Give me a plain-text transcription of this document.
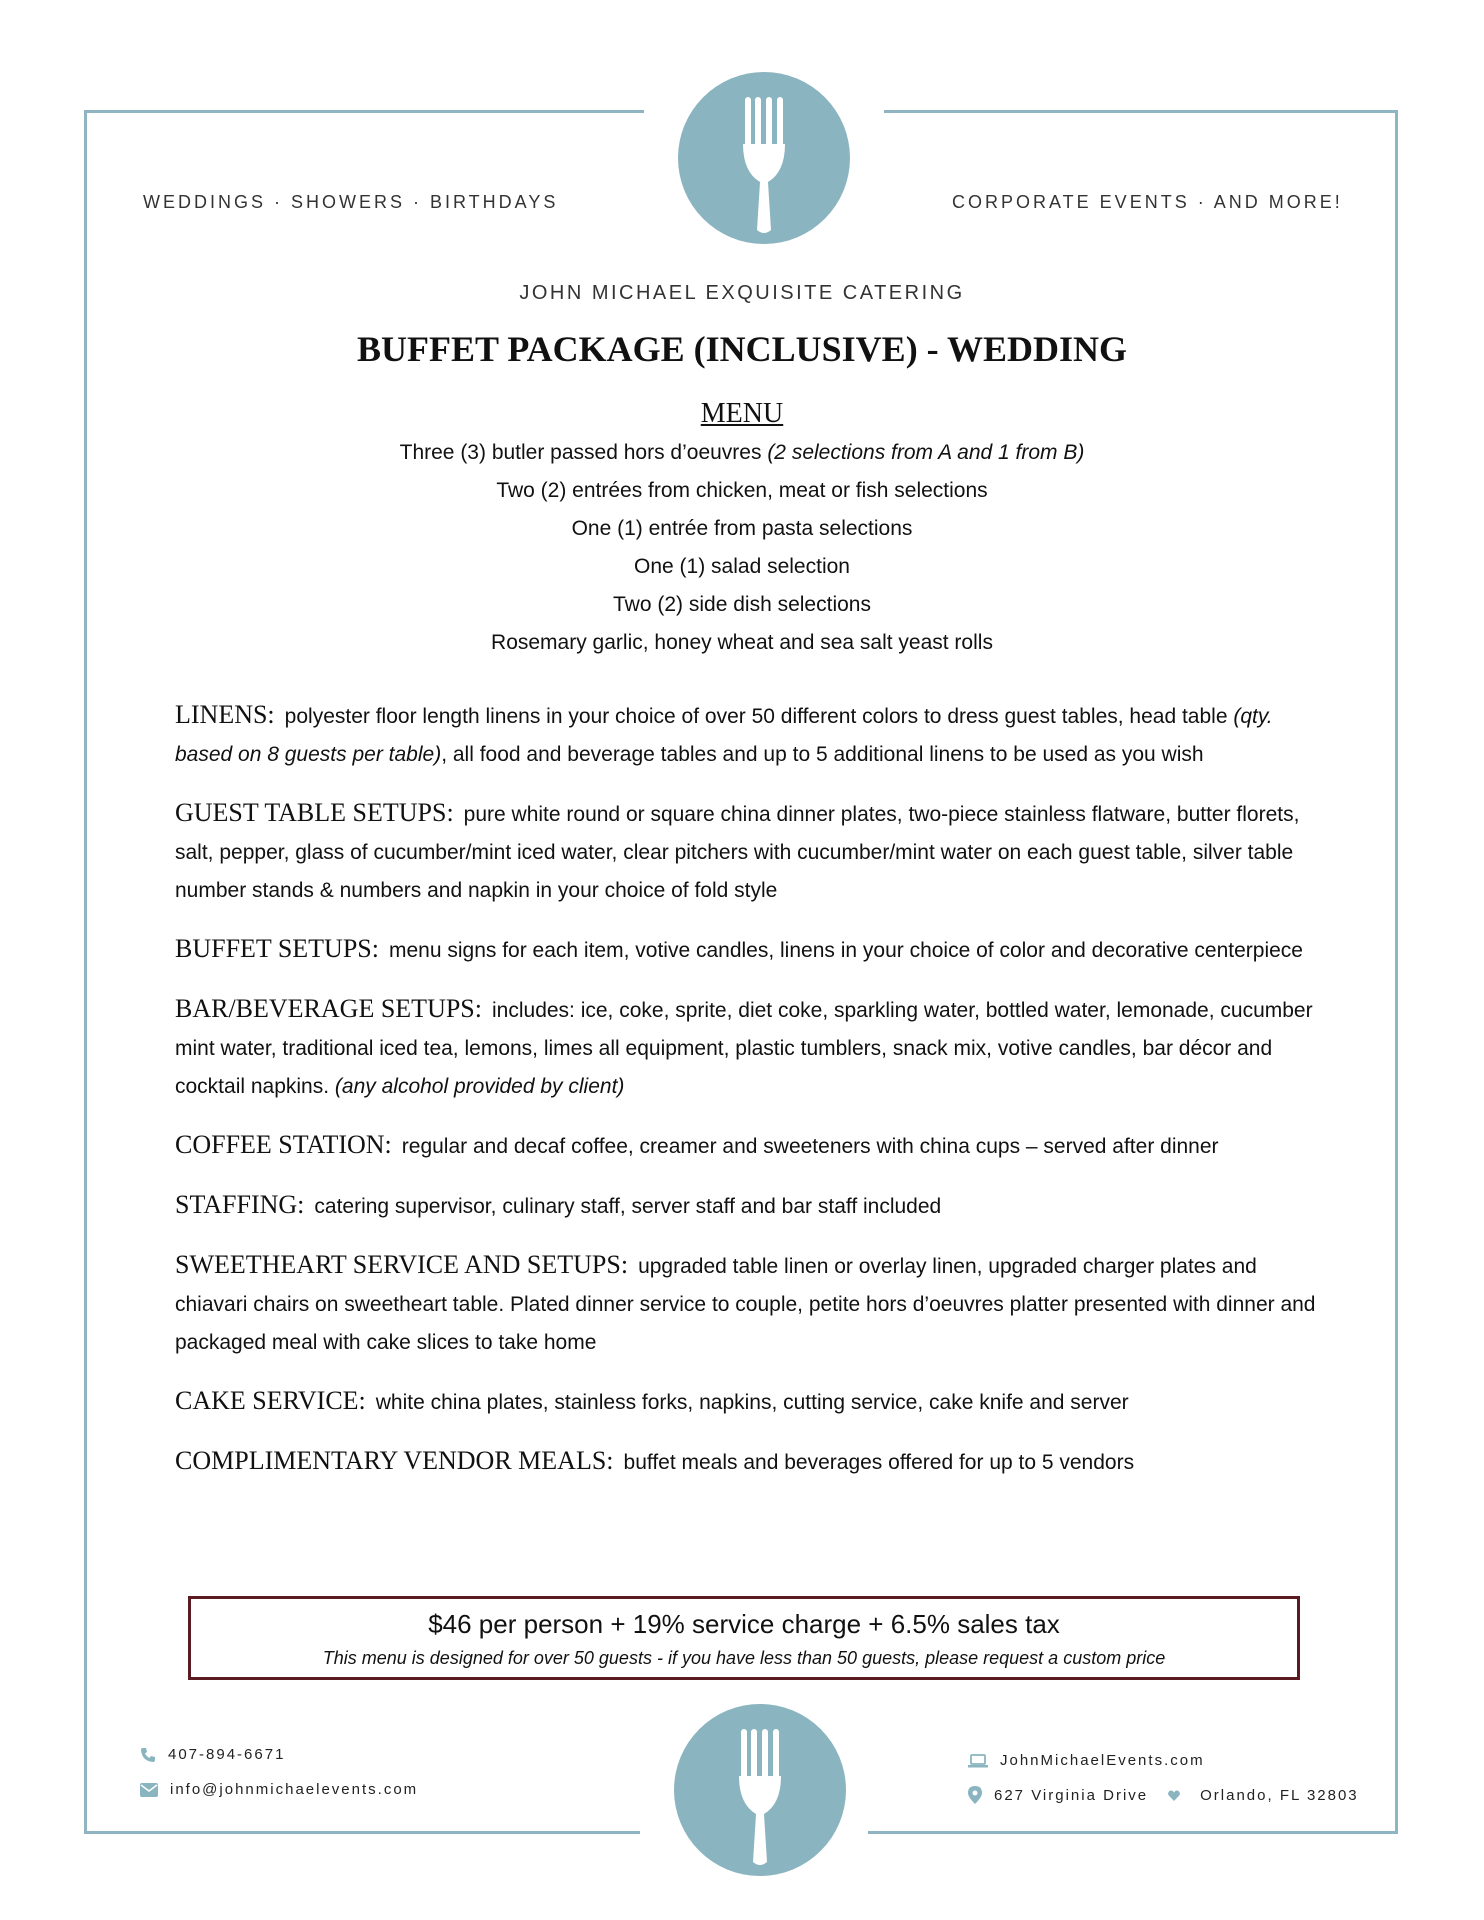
WEDDINGS · SHOWERS · BIRTHDAYS	CORPORATE EVENTS · AND MORE!
JOHN MICHAEL EXQUISITE CATERING
BUFFET PACKAGE (INCLUSIVE) - WEDDING
MENU
Three (3) butler passed hors d’oeuvres (2 selections from A and 1 from B)
Two (2) entrées from chicken, meat or fish selections
One (1) entrée from pasta selections
One (1) salad selection
Two (2) side dish selections
Rosemary garlic, honey wheat and sea salt yeast rolls
LINENS: polyester floor length linens in your choice of over 50 different colors to dress guest tables, head table (qty. based on 8 guests per table), all food and beverage tables and up to 5 additional linens to be used as you wish
GUEST TABLE SETUPS: pure white round or square china dinner plates, two-piece stainless flatware, butter florets, salt, pepper, glass of cucumber/mint iced water, clear pitchers with cucumber/mint water on each guest table, silver table number stands & numbers and napkin in your choice of fold style
BUFFET SETUPS: menu signs for each item, votive candles, linens in your choice of color and decorative centerpiece
BAR/BEVERAGE SETUPS: includes: ice, coke, sprite, diet coke, sparkling water, bottled water, lemonade, cucumber mint water, traditional iced tea, lemons, limes all equipment, plastic tumblers, snack mix, votive candles, bar décor and cocktail napkins. (any alcohol provided by client)
COFFEE STATION: regular and decaf coffee, creamer and sweeteners with china cups – served after dinner
STAFFING: catering supervisor, culinary staff, server staff and bar staff included
SWEETHEART SERVICE AND SETUPS: upgraded table linen or overlay linen, upgraded charger plates and chiavari chairs on sweetheart table. Plated dinner service to couple, petite hors d’oeuvres platter presented with dinner and packaged meal with cake slices to take home
CAKE SERVICE: white china plates, stainless forks, napkins, cutting service, cake knife and server
COMPLIMENTARY VENDOR MEALS: buffet meals and beverages offered for up to 5 vendors
$46 per person + 19% service charge + 6.5% sales tax
This menu is designed for over 50 guests - if you have less than 50 guests, please request a custom price
407-894-6671
info@johnmichaelevents.com
JohnMichaelEvents.com
627 Virginia Drive	Orlando, FL 32803
